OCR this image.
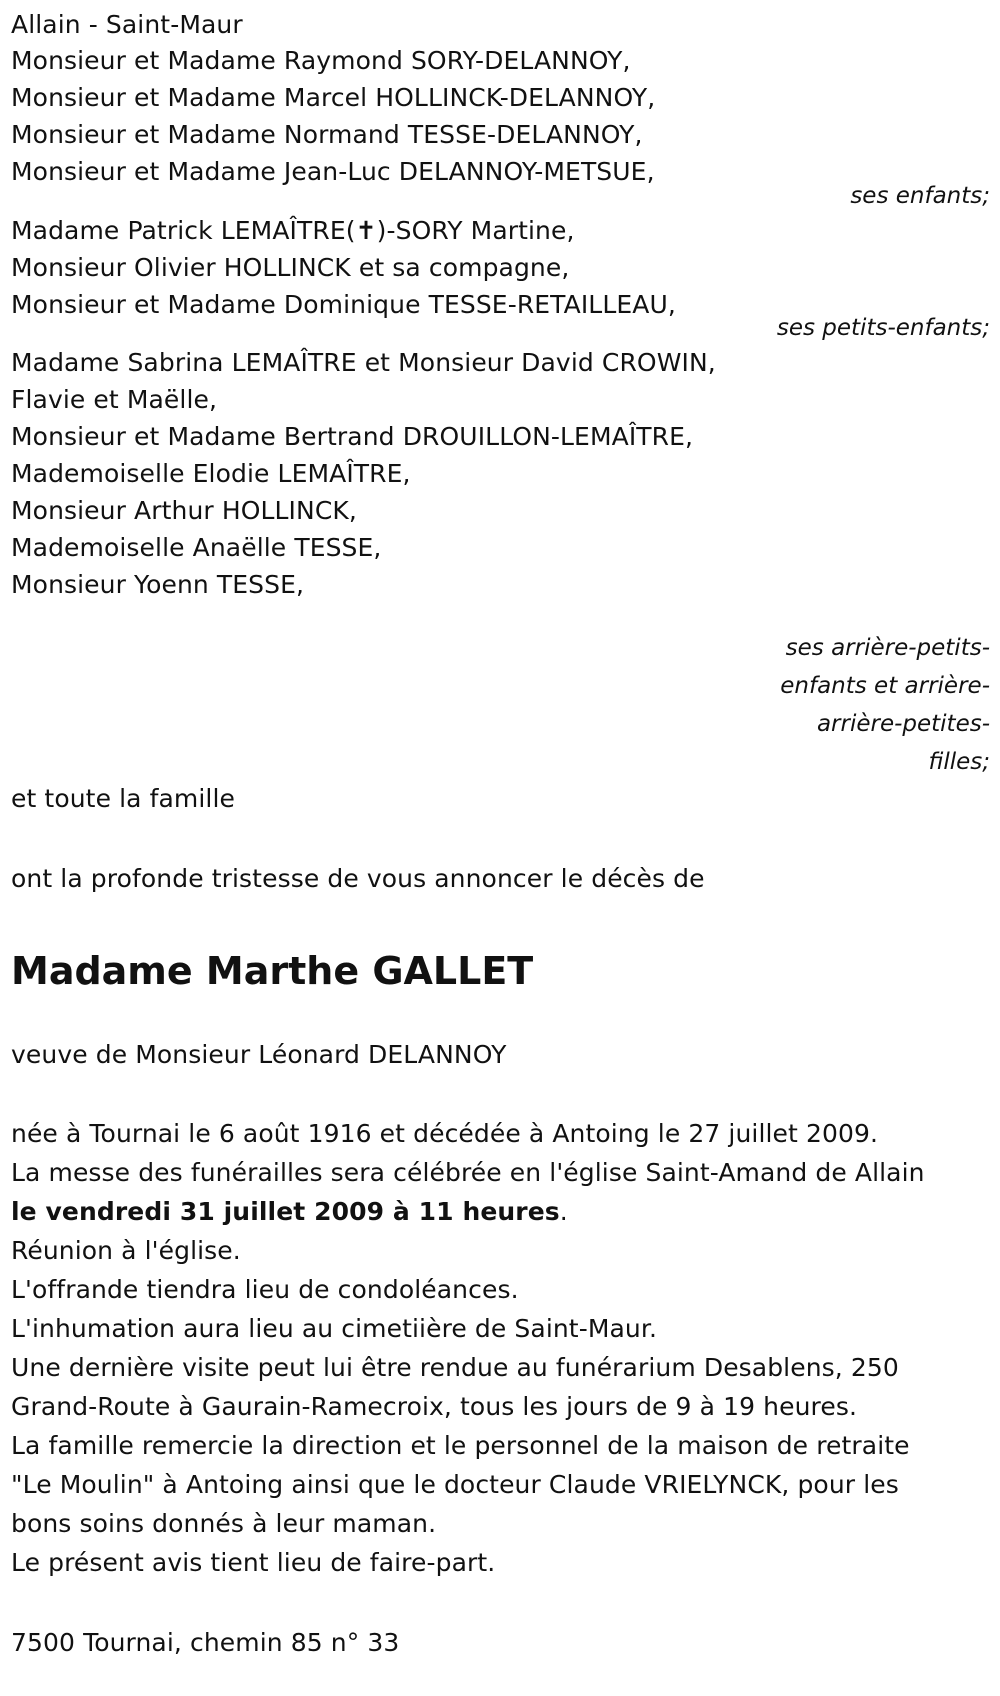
Allain - Saint-Maur
Monsieur et Madame Raymond SORY-DELANNOY,
Monsieur et Madame Marcel HOLLINCK-DELANNOY,
Monsieur et Madame Normand TESSE-DELANNOY,
Monsieur et Madame Jean-Luc DELANNOY-METSUE,
ses enfants;
Madame Patrick LEMAÎTRE(✝)-SORY Martine,
Monsieur Olivier HOLLINCK et sa compagne,
Monsieur et Madame Dominique TESSE-RETAILLEAU,
ses petits-enfants;
Madame Sabrina LEMAÎTRE et Monsieur David CROWIN,
Flavie et Maëlle,
Monsieur et Madame Bertrand DROUILLON-LEMAÎTRE,
Mademoiselle Elodie LEMAÎTRE,
Monsieur Arthur HOLLINCK,
Mademoiselle Anaëlle TESSE,
Monsieur Yoenn TESSE,
ses arrière-petits-
enfants et arrière-
arrière-petites-
filles;
et toute la famille
ont la profonde tristesse de vous annoncer le décès de
Madame Marthe GALLET
veuve de Monsieur Léonard DELANNOY
née à Tournai le 6 août 1916 et décédée à Antoing le 27 juillet 2009.
La messe des funérailles sera célébrée en l'église Saint-Amand de Allain
le vendredi 31 juillet 2009 à 11 heures.
Réunion à l'église.
L'offrande tiendra lieu de condoléances.
L'inhumation aura lieu au cimetiière de Saint-Maur.
Une dernière visite peut lui être rendue au funérarium Desablens, 250
Grand-Route à Gaurain-Ramecroix, tous les jours de 9 à 19 heures.
La famille remercie la direction et le personnel de la maison de retraite
"Le Moulin" à Antoing ainsi que le docteur Claude VRIELYNCK, pour les
bons soins donnés à leur maman.
Le présent avis tient lieu de faire-part.
7500 Tournai, chemin 85 n° 33
